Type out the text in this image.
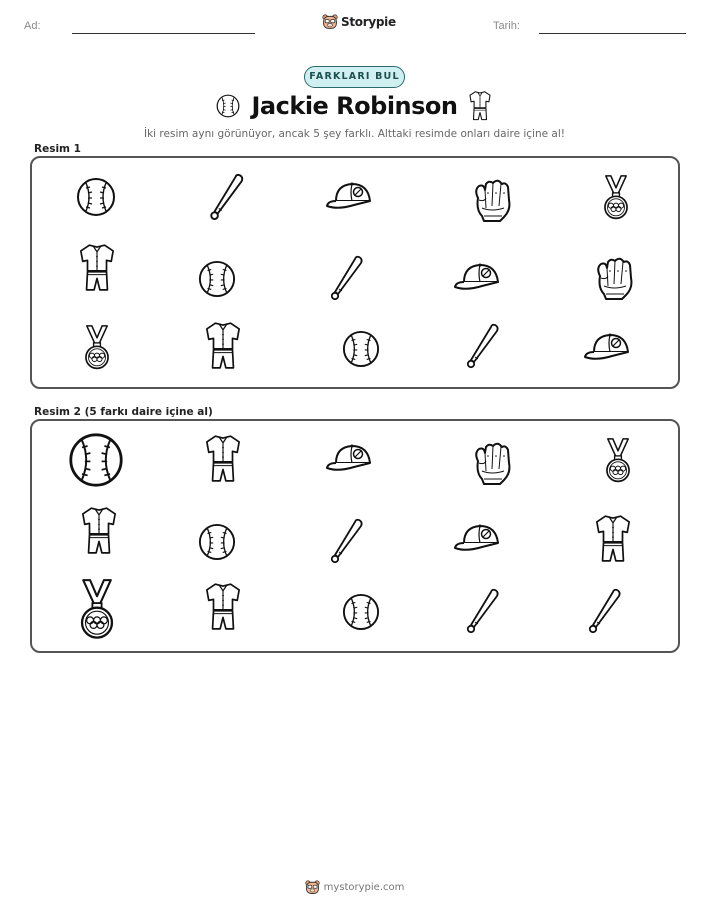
Ad:	Storypie	Tarih:
FARKLARI BUL
Jackie Robinson
İki resim aynı görünüyor, ancak 5 şey farklı. Alttaki resimde onları daire içine al!
Resim 1
Resim 2 (5 farkı daire içine al)
mystorypie.com
